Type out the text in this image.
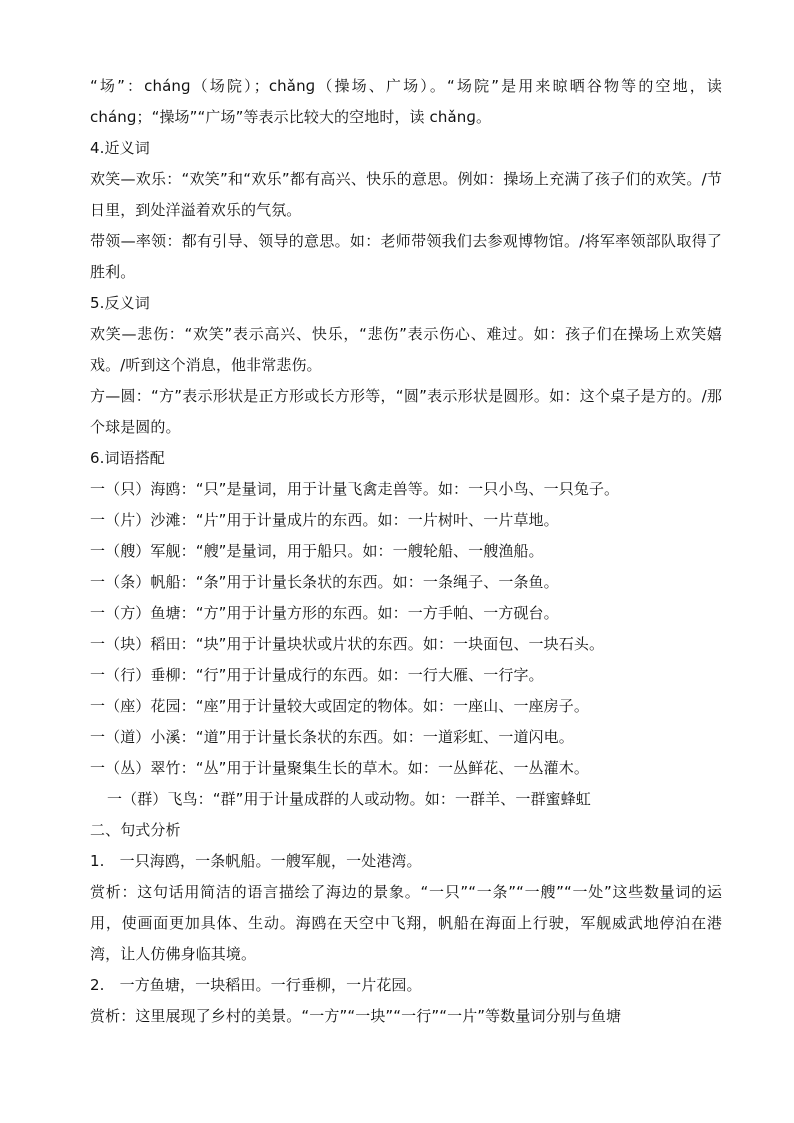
“场”：chánɡ（场院）；chǎnɡ（操场、广场）。“场院”是用来晾晒谷物等的空地，读chánɡ；“操场”“广场”等表示比较大的空地时，读 chǎnɡ。
4.近义词
欢笑—欢乐：“欢笑”和“欢乐”都有高兴、快乐的意思。例如：操场上充满了孩子们的欢笑。/节日里，到处洋溢着欢乐的气氛。
带领—率领：都有引导、领导的意思。如：老师带领我们去参观博物馆。/将军率领部队取得了胜利。
5.反义词
欢笑—悲伤：“欢笑”表示高兴、快乐，“悲伤”表示伤心、难过。如：孩子们在操场上欢笑嬉戏。/听到这个消息，他非常悲伤。
方—圆：“方”表示形状是正方形或长方形等，“圆”表示形状是圆形。如：这个桌子是方的。/那个球是圆的。
6.词语搭配
一（只）海鸥：“只”是量词，用于计量飞禽走兽等。如：一只小鸟、一只兔子。
一（片）沙滩：“片”用于计量成片的东西。如：一片树叶、一片草地。
一（艘）军舰：“艘”是量词，用于船只。如：一艘轮船、一艘渔船。
一（条）帆船：“条”用于计量长条状的东西。如：一条绳子、一条鱼。
一（方）鱼塘：“方”用于计量方形的东西。如：一方手帕、一方砚台。
一（块）稻田：“块”用于计量块状或片状的东西。如：一块面包、一块石头。
一（行）垂柳：“行”用于计量成行的东西。如：一行大雁、一行字。
一（座）花园：“座”用于计量较大或固定的物体。如：一座山、一座房子。
一（道）小溪：“道”用于计量长条状的东西。如：一道彩虹、一道闪电。
一（丛）翠竹：“丛”用于计量聚集生长的草木。如：一丛鲜花、一丛灌木。
一（群）飞鸟：“群”用于计量成群的人或动物。如：一群羊、一群蜜蜂虹
二、句式分析
1.　一只海鸥，一条帆船。一艘军舰，一处港湾。
赏析：这句话用简洁的语言描绘了海边的景象。“一只”“一条”“一艘”“一处”这些数量词的运用，使画面更加具体、生动。海鸥在天空中飞翔，帆船在海面上行驶，军舰威武地停泊在港湾，让人仿佛身临其境。
2.　一方鱼塘，一块稻田。一行垂柳，一片花园。
赏析：这里展现了乡村的美景。“一方”“一块”“一行”“一片”等数量词分别与鱼塘
